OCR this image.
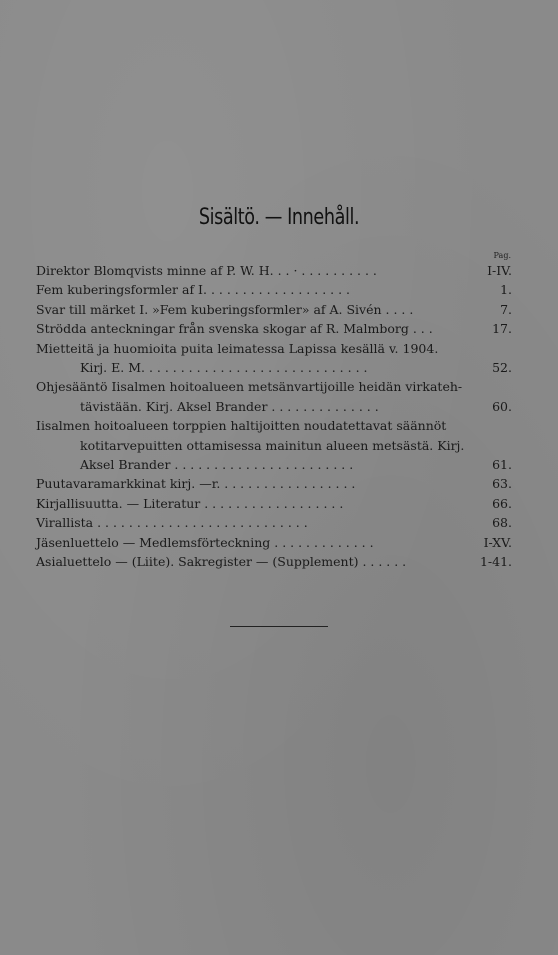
Sisältö. — Innehåll.
Pag.
Direktor Blomqvists minne af P. W. H. . . · . . . . . . . . . .	I-IV.
Fem kuberingsformler af I. . . . . . . . . . . . . . . . . . .	1.
Svar till märket I. »Fem kuberingsformler» af A. Sivén . . . .	7.
Strödda anteckningar från svenska skogar af R. Malmborg . . .	17.
Mietteitä ja huomioita puita leimatessa Lapissa kesällä v. 1904.
Kirj. E. M. . . . . . . . . . . . . . . . . . . . . . . . . . . . .	52.
Ohjesääntö Iisalmen hoitoalueen metsänvartijoille heidän virkateh-
tävistään. Kirj. Aksel Brander . . . . . . . . . . . . . .	60.
Iisalmen hoitoalueen torppien haltijoitten noudatettavat säännöt
kotitarvepuitten ottamisessa mainitun alueen metsästä. Kirj.
Aksel Brander . . . . . . . . . . . . . . . . . . . . . . .	61.
Puutavaramarkkinat kirj. —r. . . . . . . . . . . . . . . . . .	63.
Kirjallisuutta. — Literatur . . . . . . . . . . . . . . . . . .	66.
Virallista . . . . . . . . . . . . . . . . . . . . . . . . . . .	68.
Jäsenluettelo — Medlemsförteckning . . . . . . . . . . . . .	I-XV.
Asialuettelo — (Liite). Sakregister — (Supplement) . . . . . .	1-41.
